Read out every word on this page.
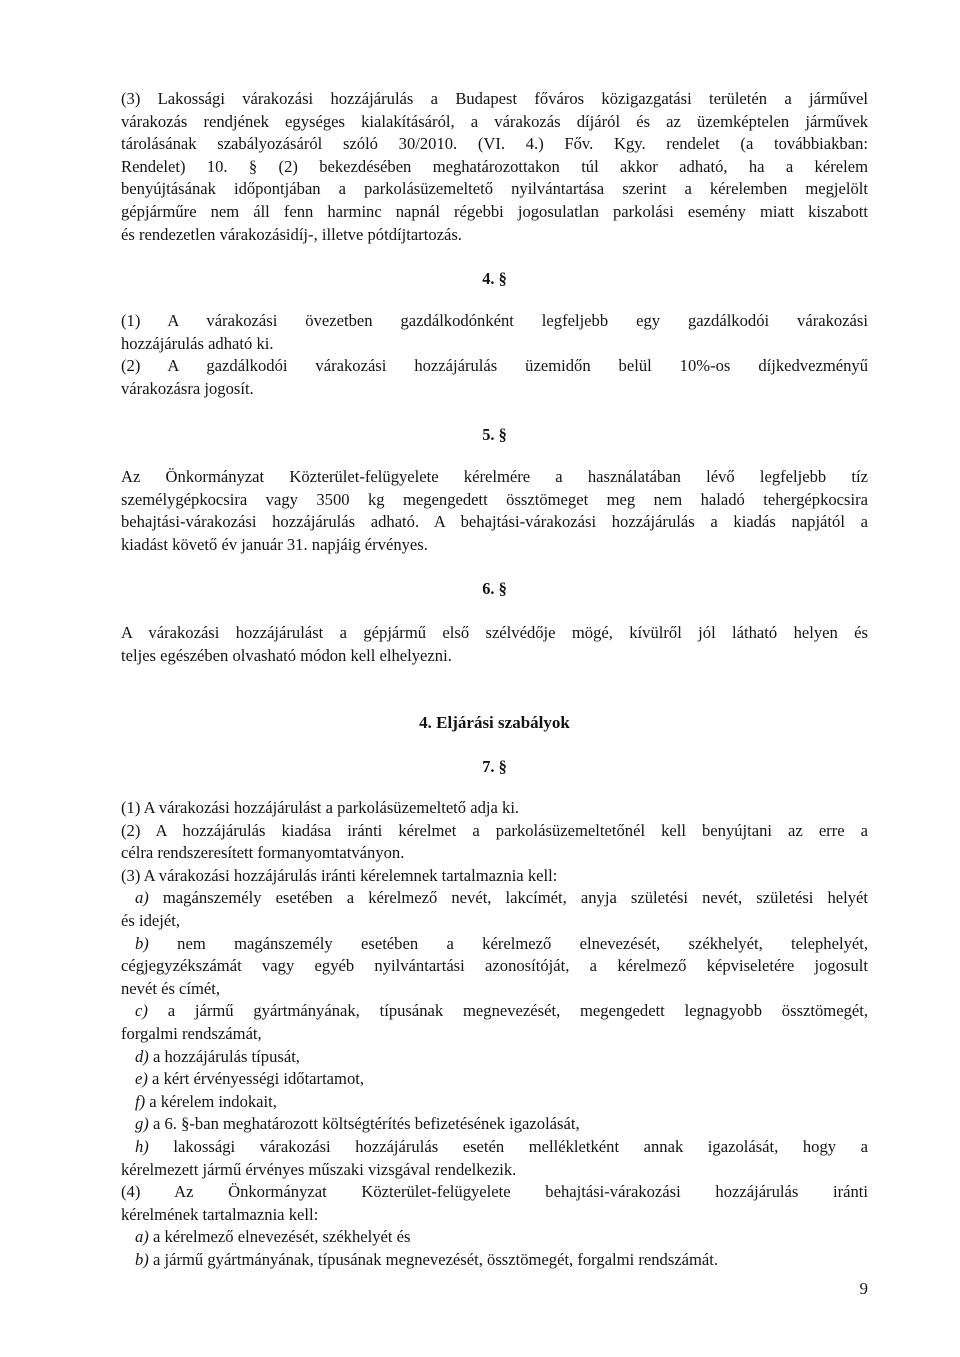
(3) Lakossági várakozási hozzájárulás a Budapest főváros közigazgatási területén a járművel
várakozás rendjének egységes kialakításáról, a várakozás díjáról és az üzemképtelen járművek
tárolásának szabályozásáról szóló 30/2010. (VI. 4.) Főv. Kgy. rendelet (a továbbiakban:
Rendelet) 10. § (2) bekezdésében meghatározottakon túl akkor adható, ha a kérelem
benyújtásának időpontjában a parkolásüzemeltető nyilvántartása szerint a kérelemben megjelölt
gépjárműre nem áll fenn harminc napnál régebbi jogosulatlan parkolási esemény miatt kiszabott
és rendezetlen várakozásidíj-, illetve pótdíjtartozás.
4. §
(1) A várakozási övezetben gazdálkodónként legfeljebb egy gazdálkodói várakozási
hozzájárulás adható ki.
(2) A gazdálkodói várakozási hozzájárulás üzemidőn belül 10%-os díjkedvezményű
várakozásra jogosít.
5. §
Az Önkormányzat Közterület-felügyelete kérelmére a használatában lévő legfeljebb tíz
személygépkocsira vagy 3500 kg megengedett össztömeget meg nem haladó tehergépkocsira
behajtási-várakozási hozzájárulás adható. A behajtási-várakozási hozzájárulás a kiadás napjától a
kiadást követő év január 31. napjáig érvényes.
6. §
A várakozási hozzájárulást a gépjármű első szélvédője mögé, kívülről jól látható helyen és
teljes egészében olvasható módon kell elhelyezni.
4. Eljárási szabályok
7. §
(1) A várakozási hozzájárulást a parkolásüzemeltető adja ki.
(2) A hozzájárulás kiadása iránti kérelmet a parkolásüzemeltetőnél kell benyújtani az erre a
célra rendszeresített formanyomtatványon.
(3) A várakozási hozzájárulás iránti kérelemnek tartalmaznia kell:
a) magánszemély esetében a kérelmező nevét, lakcímét, anyja születési nevét, születési helyét
és idejét,
b) nem magánszemély esetében a kérelmező elnevezését, székhelyét, telephelyét,
cégjegyzékszámát vagy egyéb nyilvántartási azonosítóját, a kérelmező képviseletére jogosult
nevét és címét,
c) a jármű gyártmányának, típusának megnevezését, megengedett legnagyobb össztömegét,
forgalmi rendszámát,
d) a hozzájárulás típusát,
e) a kért érvényességi időtartamot,
f) a kérelem indokait,
g) a 6. §-ban meghatározott költségtérítés befizetésének igazolását,
h) lakossági várakozási hozzájárulás esetén mellékletként annak igazolását, hogy a
kérelmezett jármű érvényes műszaki vizsgával rendelkezik.
(4) Az Önkormányzat Közterület-felügyelete behajtási-várakozási hozzájárulás iránti
kérelmének tartalmaznia kell:
a) a kérelmező elnevezését, székhelyét és
b) a jármű gyártmányának, típusának megnevezését, össztömegét, forgalmi rendszámát.
9
